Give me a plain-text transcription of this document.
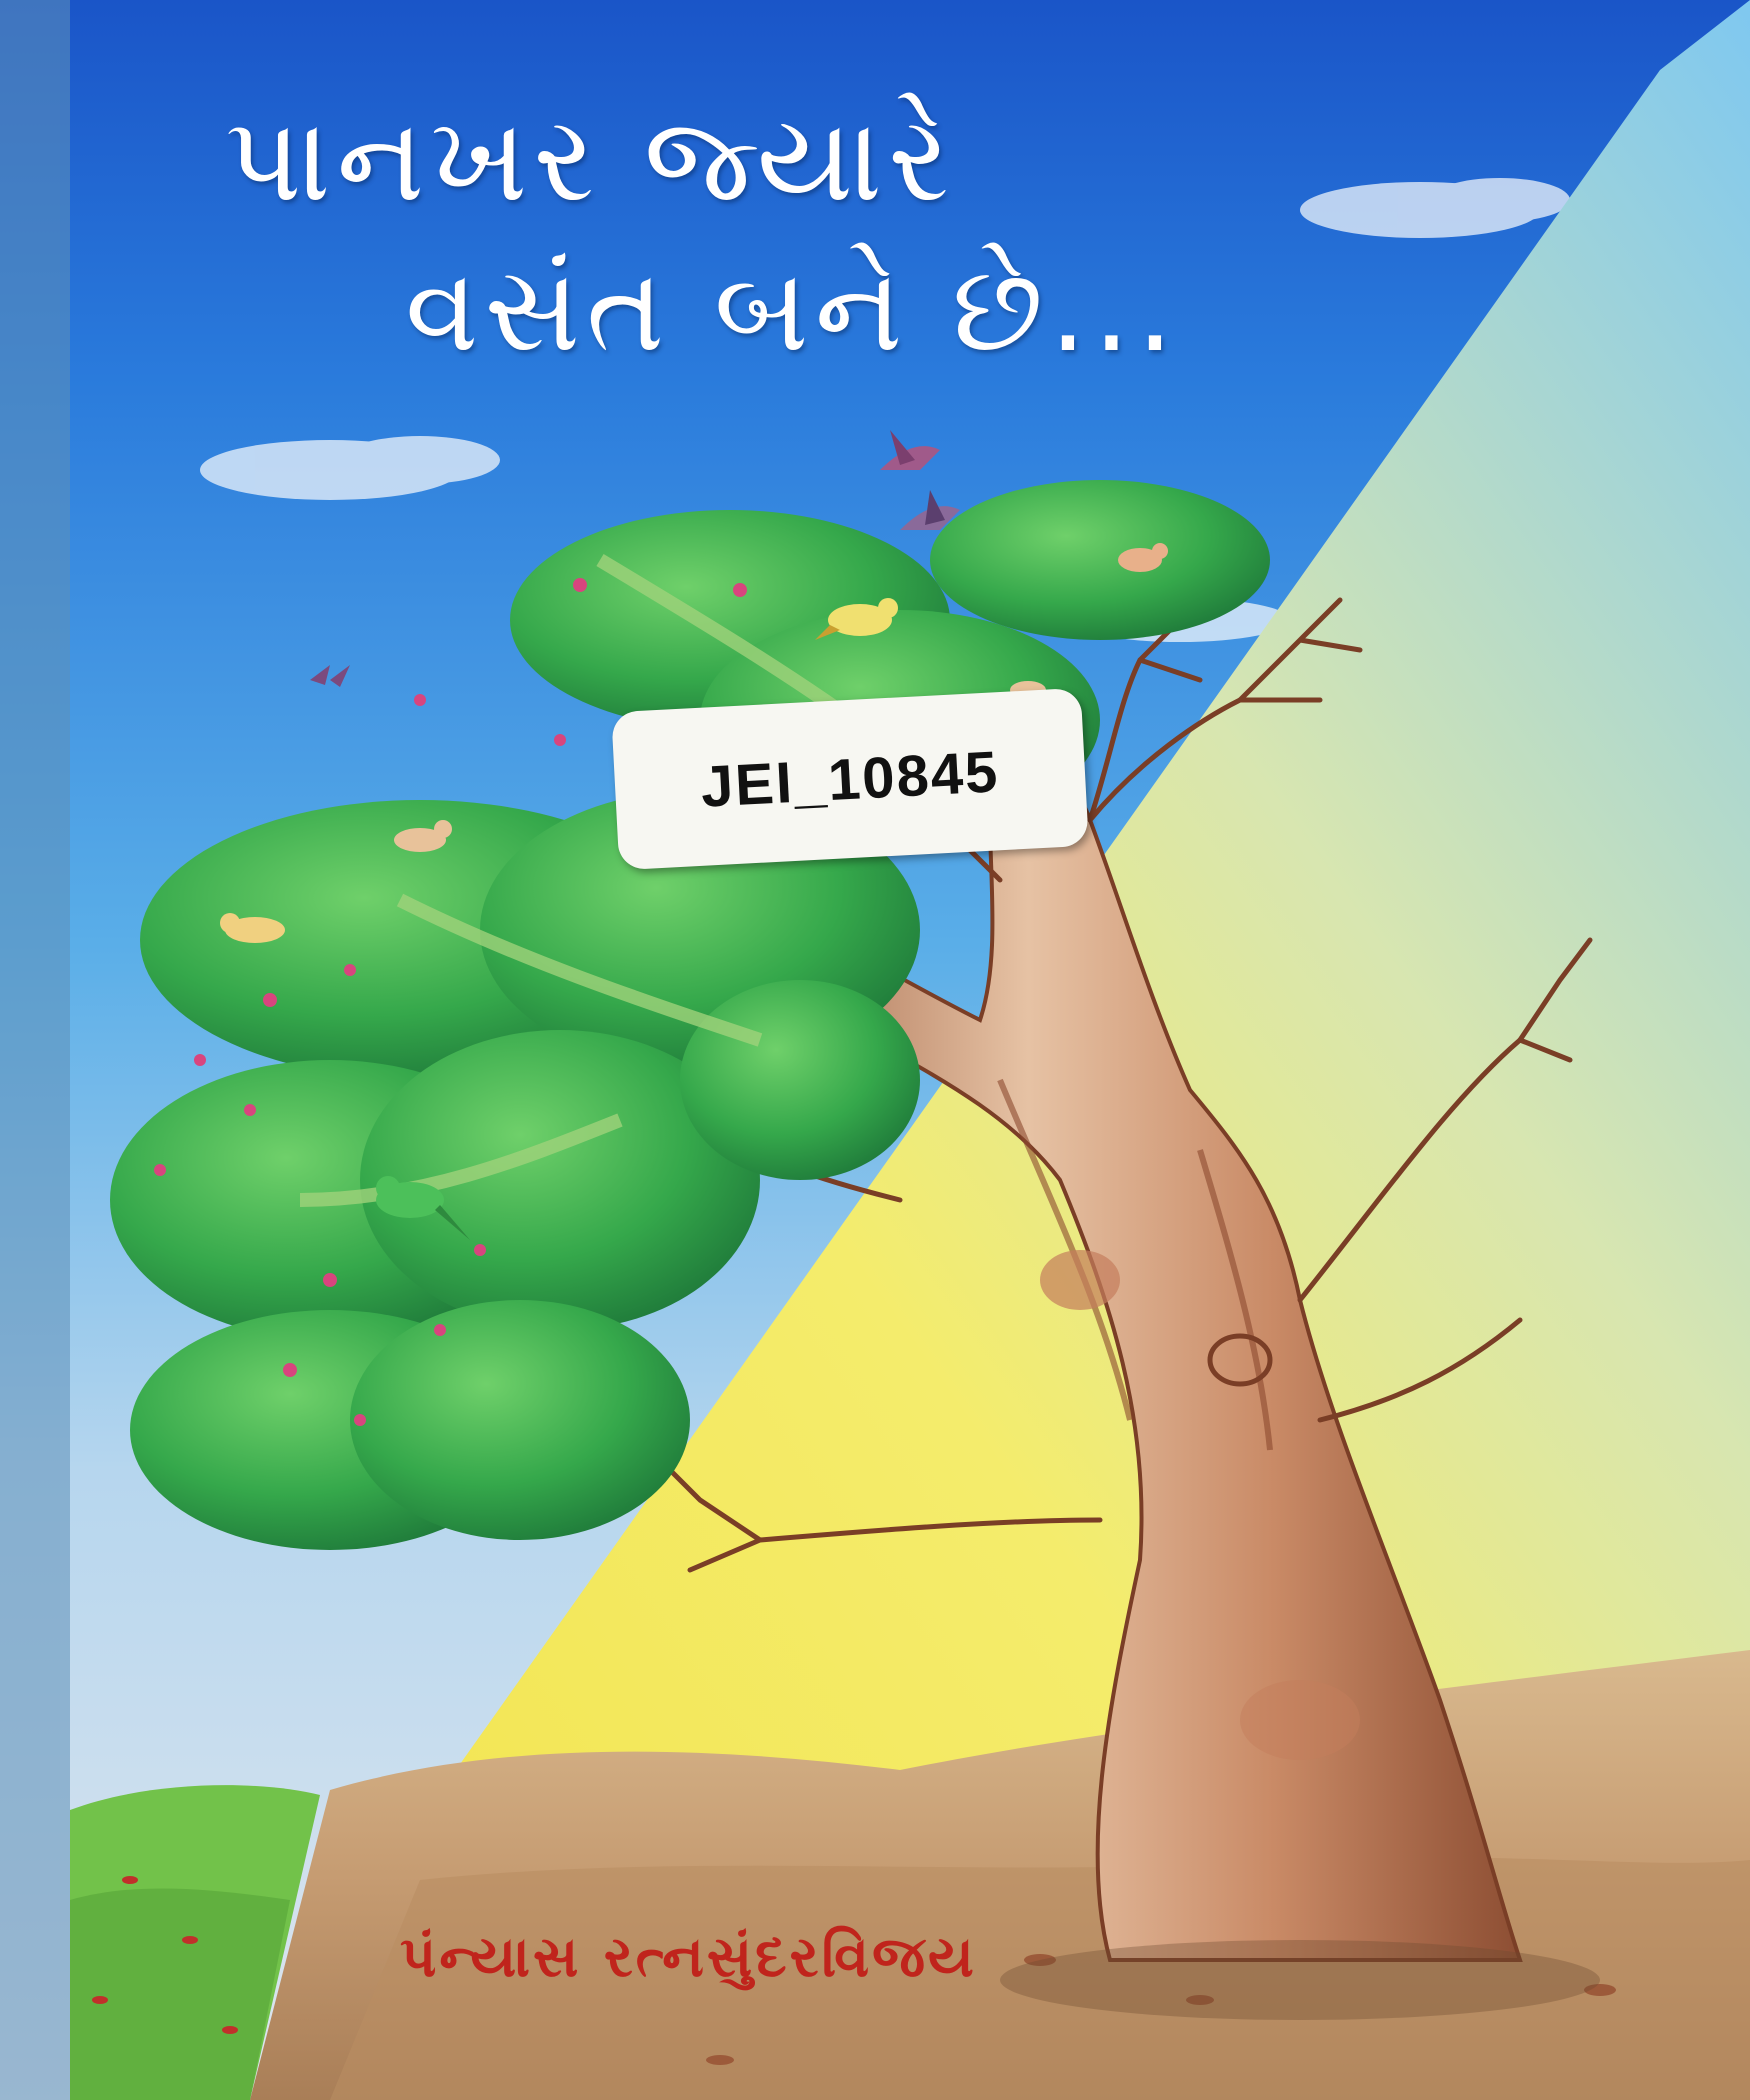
પાનખર જ્યારે
વસંત બને છે...
JEI_10845

પંન્યાસ રત્નસુંદરવિજય
